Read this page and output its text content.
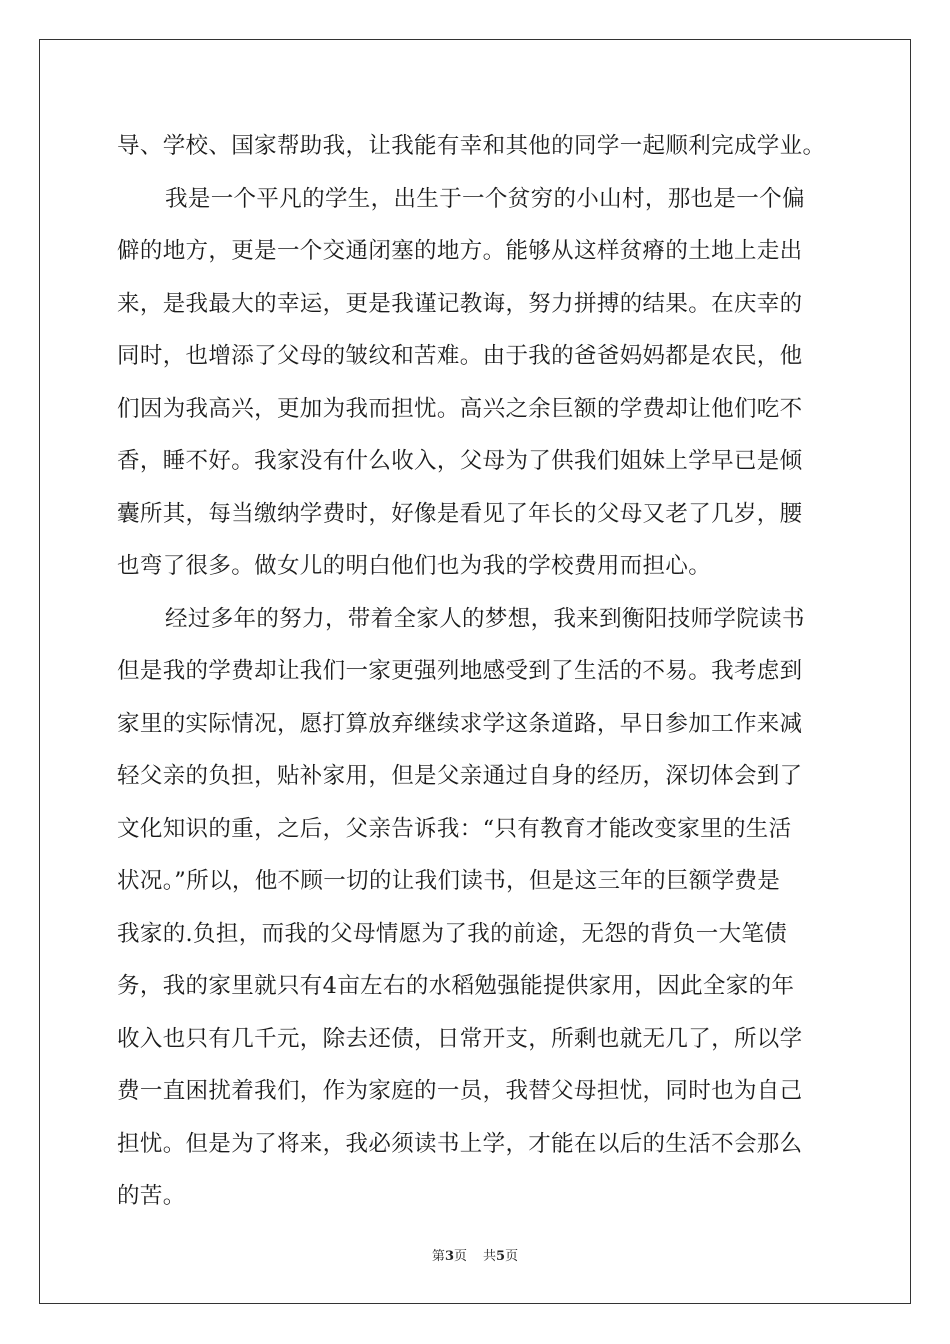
导、学校、国家帮助我，让我能有幸和其他的同学一起顺利完成学业。
我是一个平凡的学生，出生于一个贫穷的小山村，那也是一个偏
僻的地方，更是一个交通闭塞的地方。能够从这样贫瘠的土地上走出
来，是我最大的幸运，更是我谨记教诲，努力拼搏的结果。在庆幸的
同时，也增添了父母的皱纹和苦难。由于我的爸爸妈妈都是农民，他
们因为我高兴，更加为我而担忧。高兴之余巨额的学费却让他们吃不
香，睡不好。我家没有什么收入，父母为了供我们姐妹上学早已是倾
囊所其，每当缴纳学费时，好像是看见了年长的父母又老了几岁，腰
也弯了很多。做女儿的明白他们也为我的学校费用而担心。
经过多年的努力，带着全家人的梦想，我来到衡阳技师学院读书
但是我的学费却让我们一家更强列地感受到了生活的不易。我考虑到
家里的实际情况，愿打算放弃继续求学这条道路，早日参加工作来减
轻父亲的负担，贴补家用，但是父亲通过自身的经历，深切体会到了
文化知识的重，之后，父亲告诉我：“只有教育才能改变家里的生活
状况。”所以，他不顾一切的让我们读书，但是这三年的巨额学费是
我家的.负担，而我的父母情愿为了我的前途，无怨的背负一大笔债
务，我的家里就只有4亩左右的水稻勉强能提供家用，因此全家的年
收入也只有几千元，除去还债，日常开支，所剩也就无几了，所以学
费一直困扰着我们，作为家庭的一员，我替父母担忧，同时也为自己
担忧。但是为了将来，我必须读书上学，才能在以后的生活不会那么
的苦。
第3页 共5页
